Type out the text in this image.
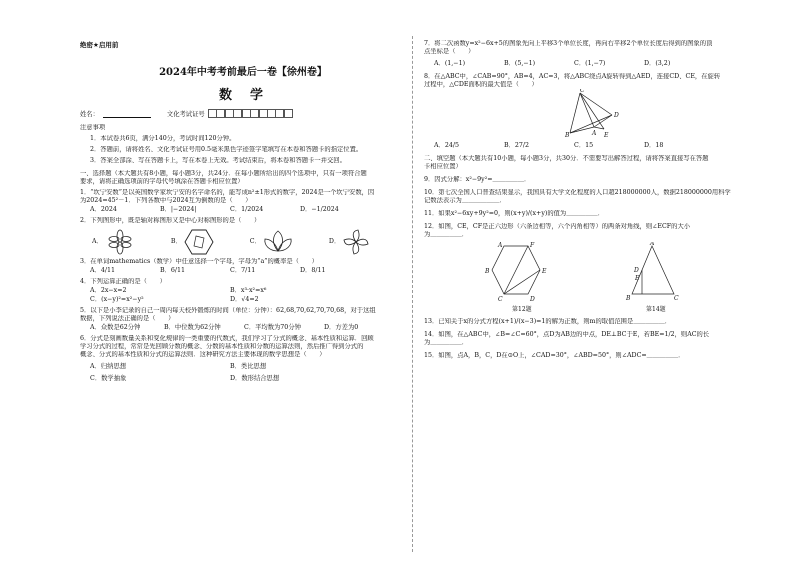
绝密★启用前
2024年中考考前最后一卷【徐州卷】
数学
姓名：	文化考试证号
注意事项
1．本试卷共6页，满分140分，考试时间120分钟。
2．答题前，请将姓名、文化考试证号用0.5毫米黑色字迹签字笔填写在本卷和答题卡的指定位置。
3．答案全部涂、写在答题卡上，写在本卷上无效。考试结束后，将本卷和答题卡一并交回。
一、选择题（本大题共有8小题，每小题3分，共24分．在每小题所给出的四个选项中，只有一项符合题
要求，请将正确选项前的字母代号填涂在答题卡相应位置）
1．“坎宁安数”是以英国数学家坎宁安的名字命名的，能写成n²±1形式的数字，2024是一个坎宁安数，因
为2024=45²－1．下列各数中与2024互为倒数的是（　　）
A．2024	B．|−2024|	C．1/2024	D．−1/2024
2．下列图形中，既是轴对称图形又是中心对称图形的是（　　）
A．	B．	C．	D．
3．在单词mathematics（数学）中任意选择一个字母，字母为“a”的概率是（　　）
A．4/11	B．6/11	C．7/11	D．8/11
4．下列运算正确的是（　　）
A．2x−x=2	B．x³·x²=x⁶
C．(x−y)²=x²−y²	D．√4=2
5．以下是小李记录的自己一周内每天校外锻炼的时间（单位：分钟）：62,68,70,62,70,70,68，对于这组
数据，下列说法正确的是（　　）
A．众数是62分钟	B．中位数为62分钟	C．平均数为70分钟	D．方差为0
6．分式是刻画数量关系和变化规律的一类重要的代数式，我们学习了分式的概念、基本性质和运算．回顾
学习分式的过程，常常是先回顾分数的概念、分数的基本性质和分数的运算法则，然后推广得到分式的
概念、分式的基本性质和分式的运算法则．这种研究方法主要体现的数学思想是（　　）
A．归纳思想	B．类比思想
C．数学抽象	D．数形结合思想
7．将二次函数y=x²−6x+5的图象先向上平移3个单位长度，再向右平移2个单位长度后得到的图象的顶
点坐标是（　　）
A．(1,−1)	B．(5,−1)	C．(1,−7)	D．(3,2)
8．在△ABC中，∠CAB=90°，AB=4，AC=3，将△ABC绕点A旋转得到△AED，连接CD、CE，在旋转
过程中，△CDE面积的最大值是（　　）
C
B	A
D
E
A．24/5	B．27/2	C．15	D．18
二、填空题（本大题共有10小题，每小题3分，共30分．不需要写出解答过程，请将答案直接写在答题
卡相应位置）
9．因式分解：x²−9y²=＿＿＿＿＿．
10．第七次全国人口普查结果显示，我国具有大学文化程度的人口超218000000人，数据218000000用科学
记数法表示为＿＿＿＿＿＿．
11．如果x²−6xy+9y²=0，则(x+y)/(x+y)的值为＿＿＿＿＿．
12．如图，CE，CF是正六边形（六条边相等，六个内角相等）的两条对角线，则∠ECF的大小
为＿＿＿＿＿．
A	F
B	E
C	D
第12题
A
E
D
B	C
第14题
13．已知关于x的分式方程(x+1)/(x−3)=1的解为正数，则m的取值范围是＿＿＿＿＿．
14．如图，在△ABC中，∠B=∠C=60°，点D为AB边的中点，DE⊥BC于E，若BE=1/2，则AC的长
为＿＿＿＿＿．
15．如图，点A，B，C，D在⊙O上，∠CAD=30°，∠ABD=50°，则∠ADC=＿＿＿＿＿．
